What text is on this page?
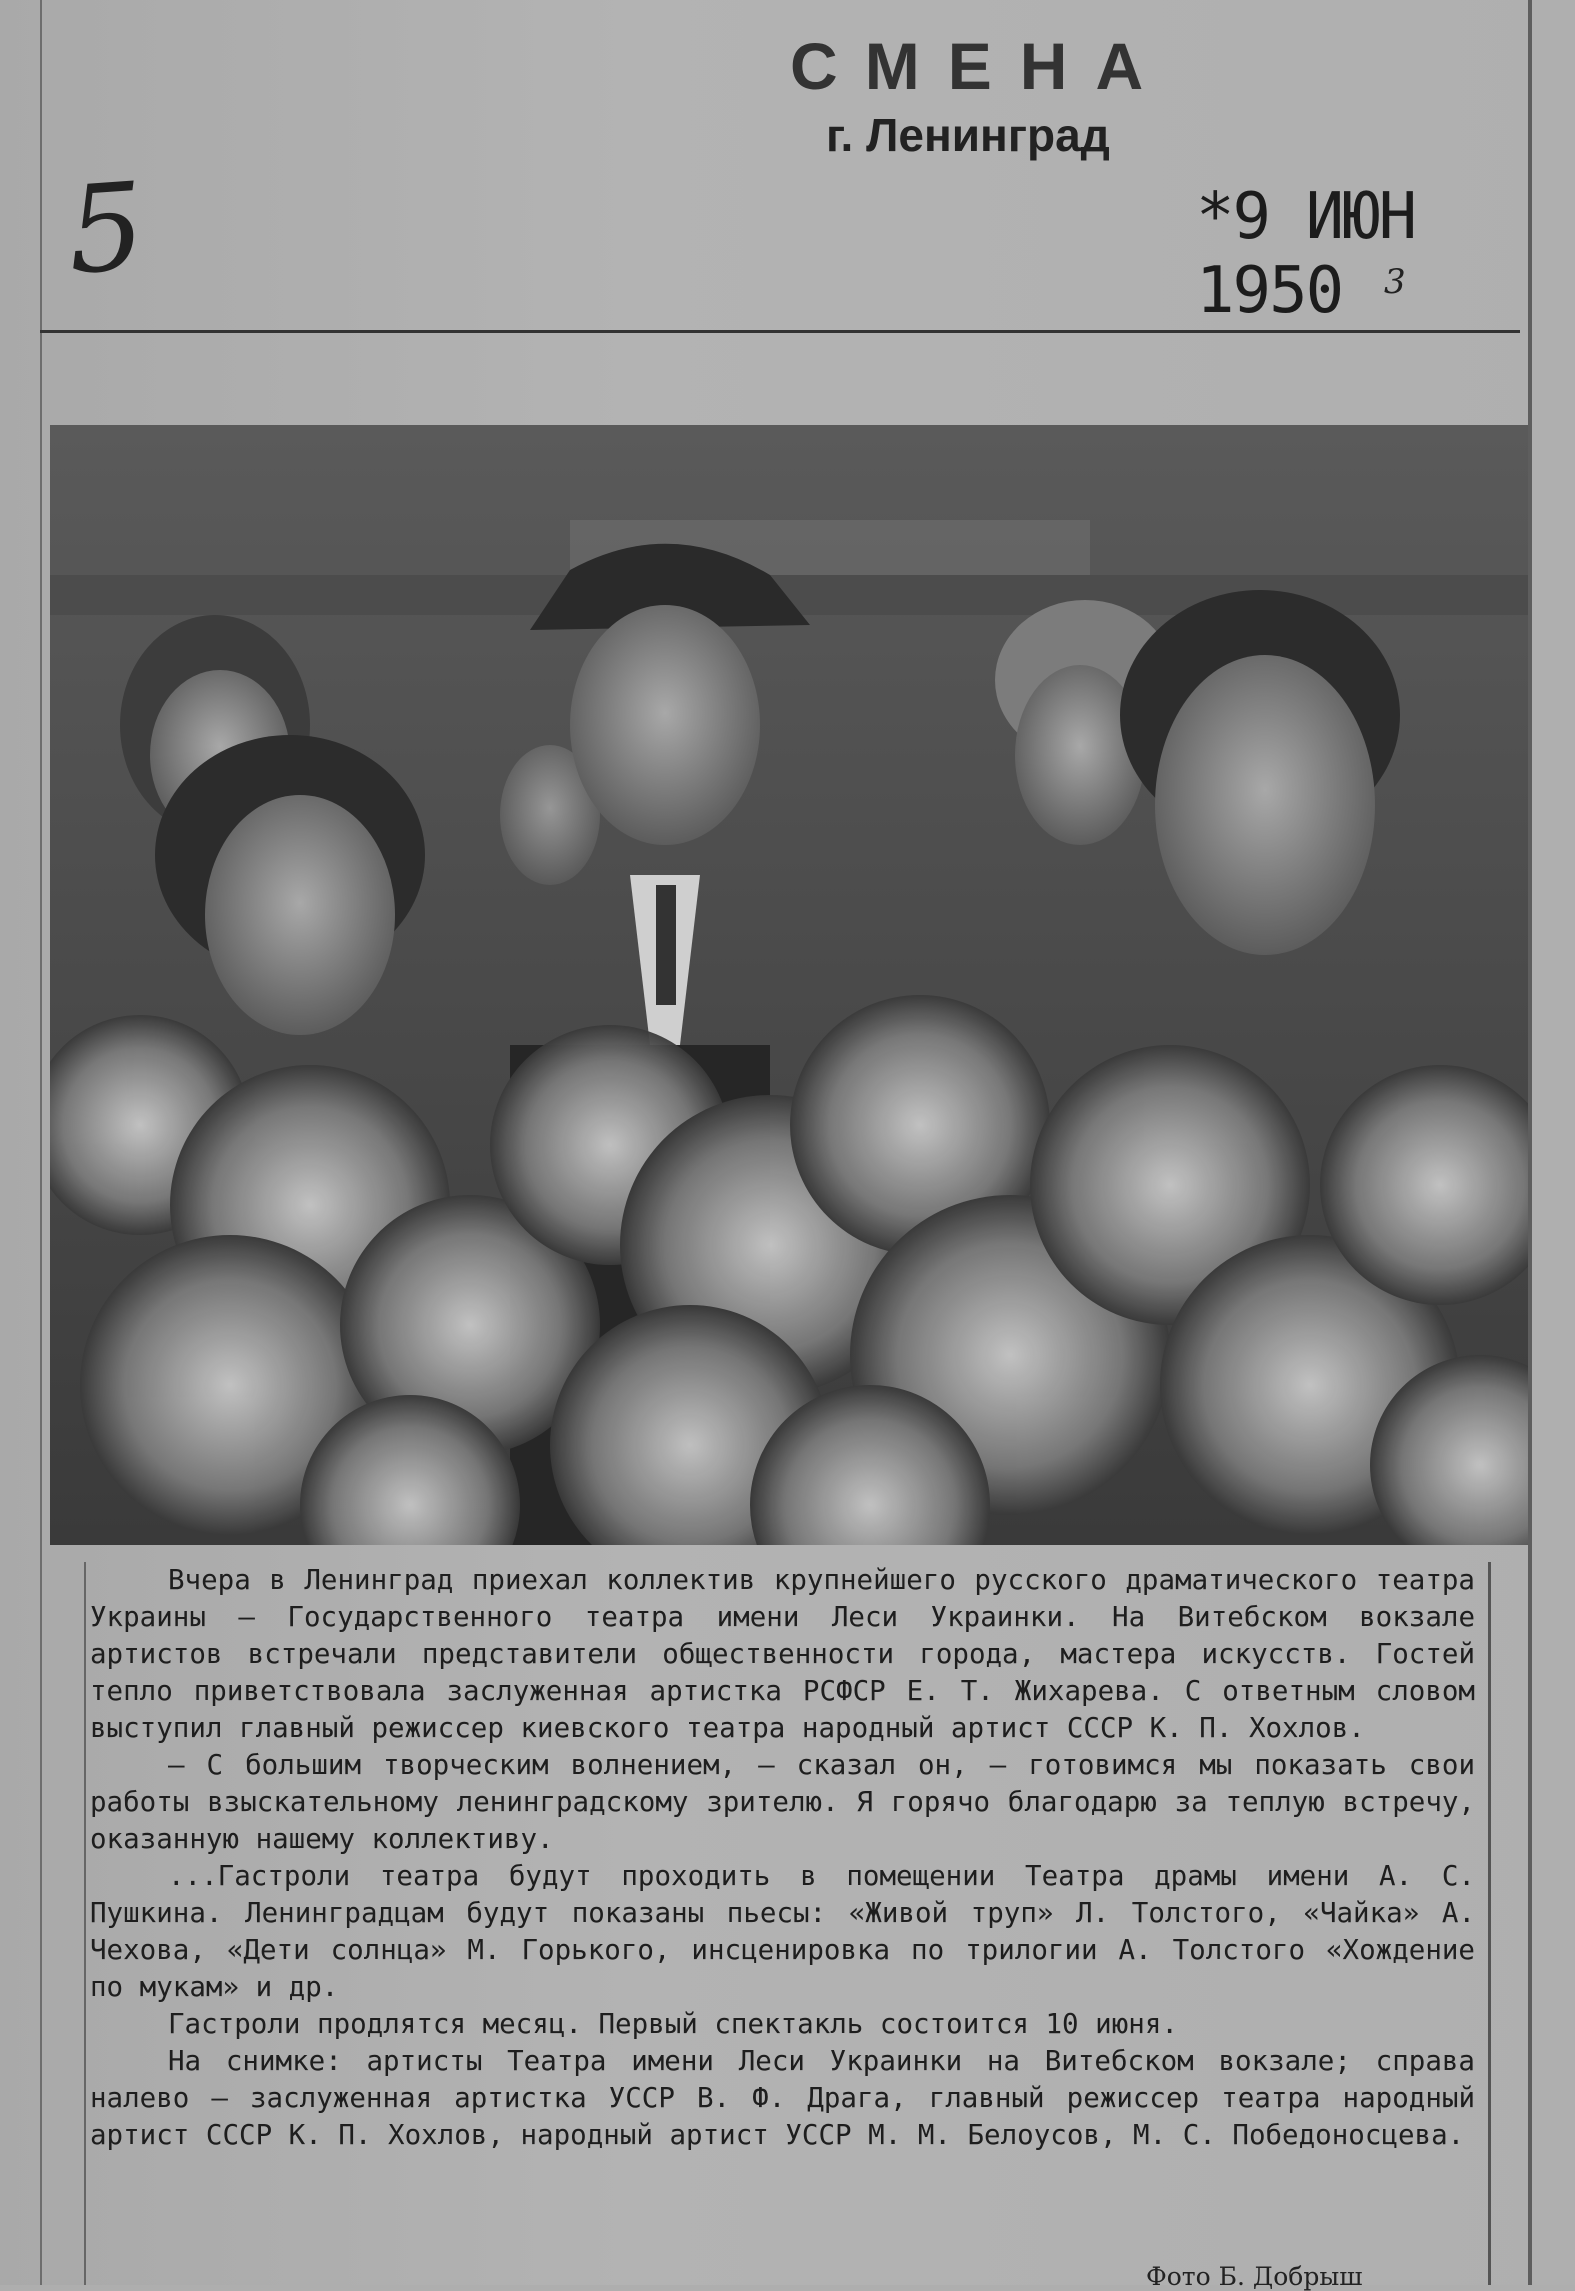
СМЕНА
г. Ленинград
5	*9 ИЮН 1950	3

Вчера в Ленинград приехал коллектив крупнейшего русского драматического театра Украины — Государственного театра имени Леси Украинки. На Витебском вокзале артистов встречали представители общественности города, мастера искусств. Гостей тепло приветствовала заслуженная артистка РСФСР Е. Т. Жихарева. С ответным словом выступил главный режиссер киевского театра народный артист СССР К. П. Хохлов.

— С большим творческим волнением, — сказал он, — готовимся мы показать свои работы взыскательному ленинградскому зрителю. Я горячо благодарю за теплую встречу, оказанную нашему коллективу.

...Гастроли театра будут проходить в помещении Театра драмы имени А. С. Пушкина. Ленинградцам будут показаны пьесы: «Живой труп» Л. Толстого, «Чайка» А. Чехова, «Дети солнца» М. Горького, инсценировка по трилогии А. Толстого «Хождение по мукам» и др.

Гастроли продлятся месяц. Первый спектакль состоится 10 июня.

На снимке: артисты Театра имени Леси Украинки на Витебском вокзале; справа налево — заслуженная артистка УССР В. Ф. Драга, главный режиссер театра народный артист СССР К. П. Хохлов, народный артист УССР М. М. Белоусов, М. С. Победоносцева.

Фото Б. Добрыш
